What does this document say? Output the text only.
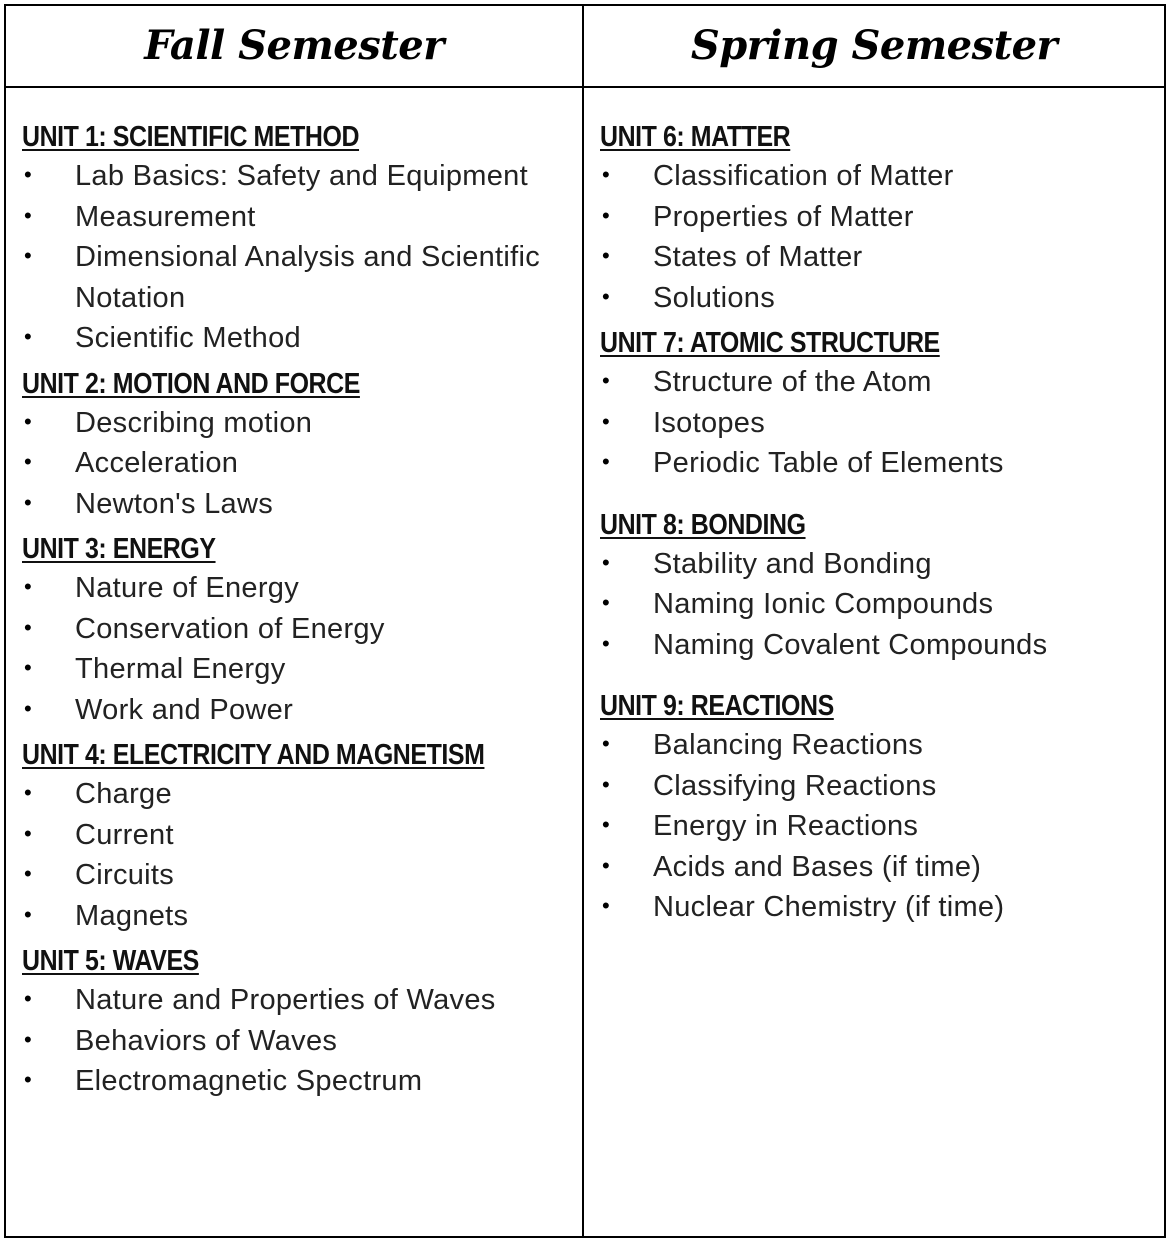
Fall Semester	Spring Semester
UNIT 1: SCIENTIFIC METHOD
• Lab Basics: Safety and Equipment
• Measurement
• Dimensional Analysis and Scientific Notation
• Scientific Method
UNIT 2: MOTION AND FORCE
• Describing motion
• Acceleration
• Newton's Laws
UNIT 3: ENERGY
• Nature of Energy
• Conservation of Energy
• Thermal Energy
• Work and Power
UNIT 4: ELECTRICITY AND MAGNETISM
• Charge
• Current
• Circuits
• Magnets
UNIT 5: WAVES
• Nature and Properties of Waves
• Behaviors of Waves
• Electromagnetic Spectrum
UNIT 6: MATTER
• Classification of Matter
• Properties of Matter
• States of Matter
• Solutions
UNIT 7: ATOMIC STRUCTURE
• Structure of the Atom
• Isotopes
• Periodic Table of Elements
UNIT 8: BONDING
• Stability and Bonding
• Naming Ionic Compounds
• Naming Covalent Compounds
UNIT 9: REACTIONS
• Balancing Reactions
• Classifying Reactions
• Energy in Reactions
• Acids and Bases (if time)
• Nuclear Chemistry (if time)
